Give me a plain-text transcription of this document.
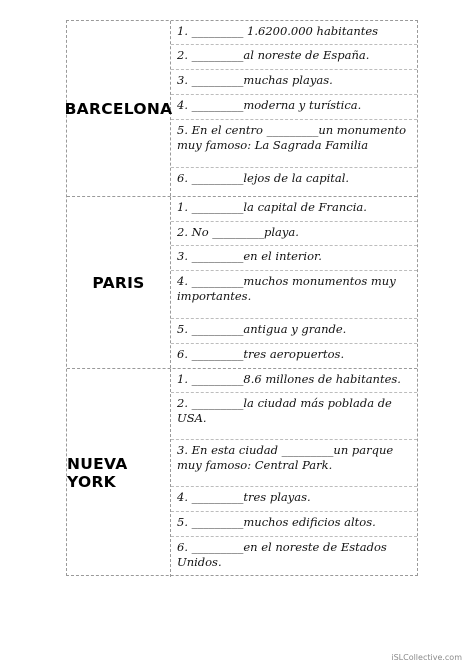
BARCELONA
1. _________ 1.6200.000 habitantes
2. _________al noreste de España.
3. _________muchas playas.
4. _________moderna y turística.
5. En el centro _________un monumento muy famoso: La Sagrada Familia
6. _________lejos de la capital.
PARIS
1. _________la capital de Francia.
2. No _________playa.
3. _________en el interior.
4. _________muchos monumentos muy importantes.
5. _________antigua y grande.
6. _________tres aeropuertos.
NUEVA YORK
1. _________8.6 millones de habitantes.
2. _________la ciudad más poblada de USA.
3. En esta ciudad _________un parque muy famoso: Central Park.
4. _________tres playas.
5. _________muchos edificios altos.
6. _________en el noreste de Estados Unidos.
iSLCollective.com
